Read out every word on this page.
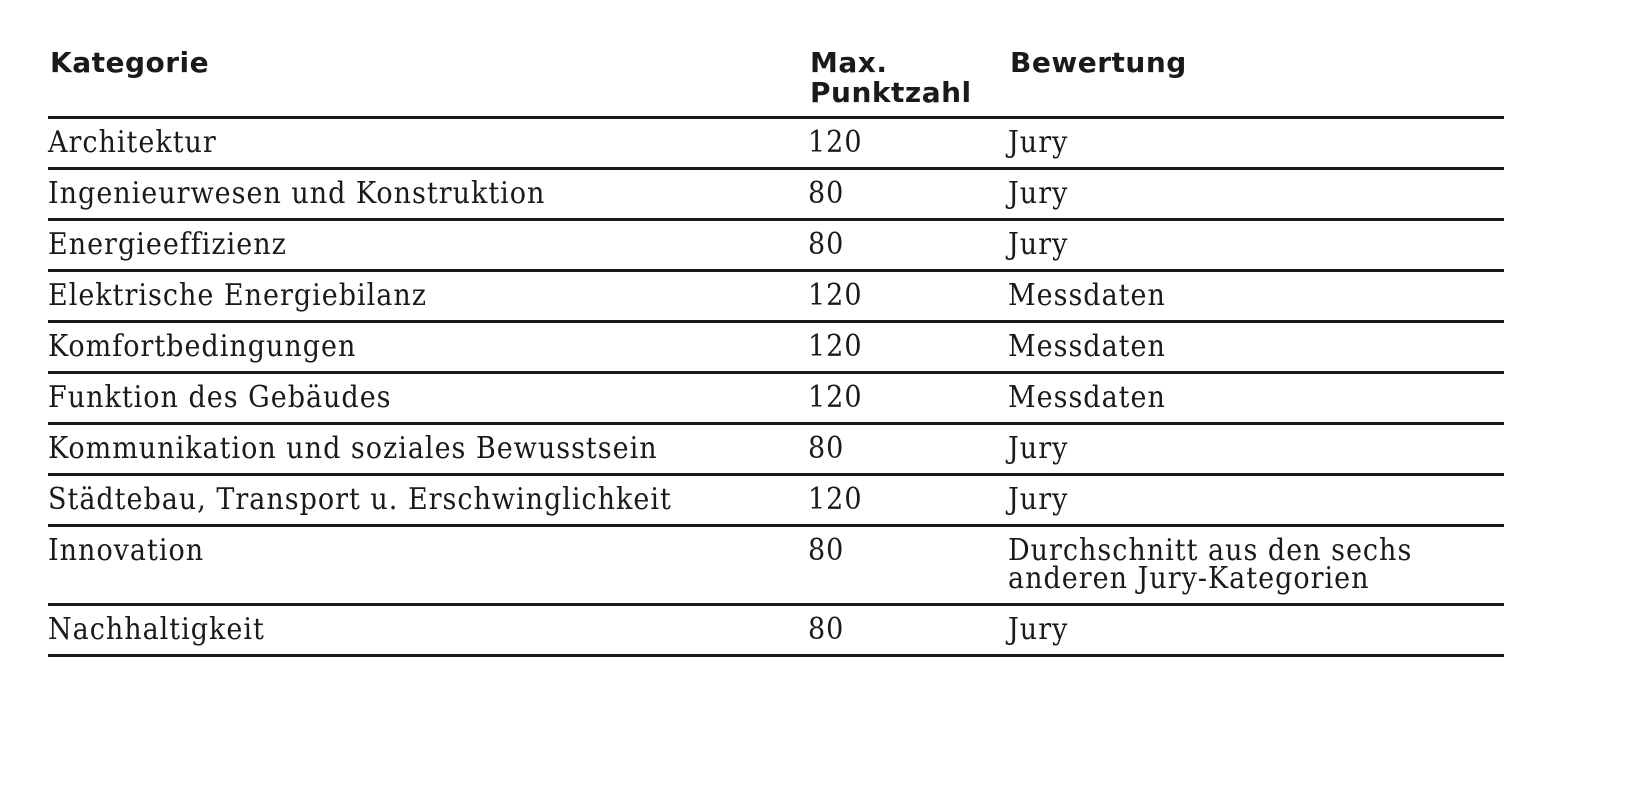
Kategorie	Max. Punktzahl	Bewertung
Architektur	120	Jury
Ingenieurwesen und Konstruktion	80	Jury
Energieeffizienz	80	Jury
Elektrische Energiebilanz	120	Messdaten
Komfortbedingungen	120	Messdaten
Funktion des Gebäudes	120	Messdaten
Kommunikation und soziales Bewusstsein	80	Jury
Städtebau, Transport u. Erschwinglichkeit	120	Jury
Innovation	80	Durchschnitt aus den sechs anderen Jury-Kategorien
Nachhaltigkeit	80	Jury
